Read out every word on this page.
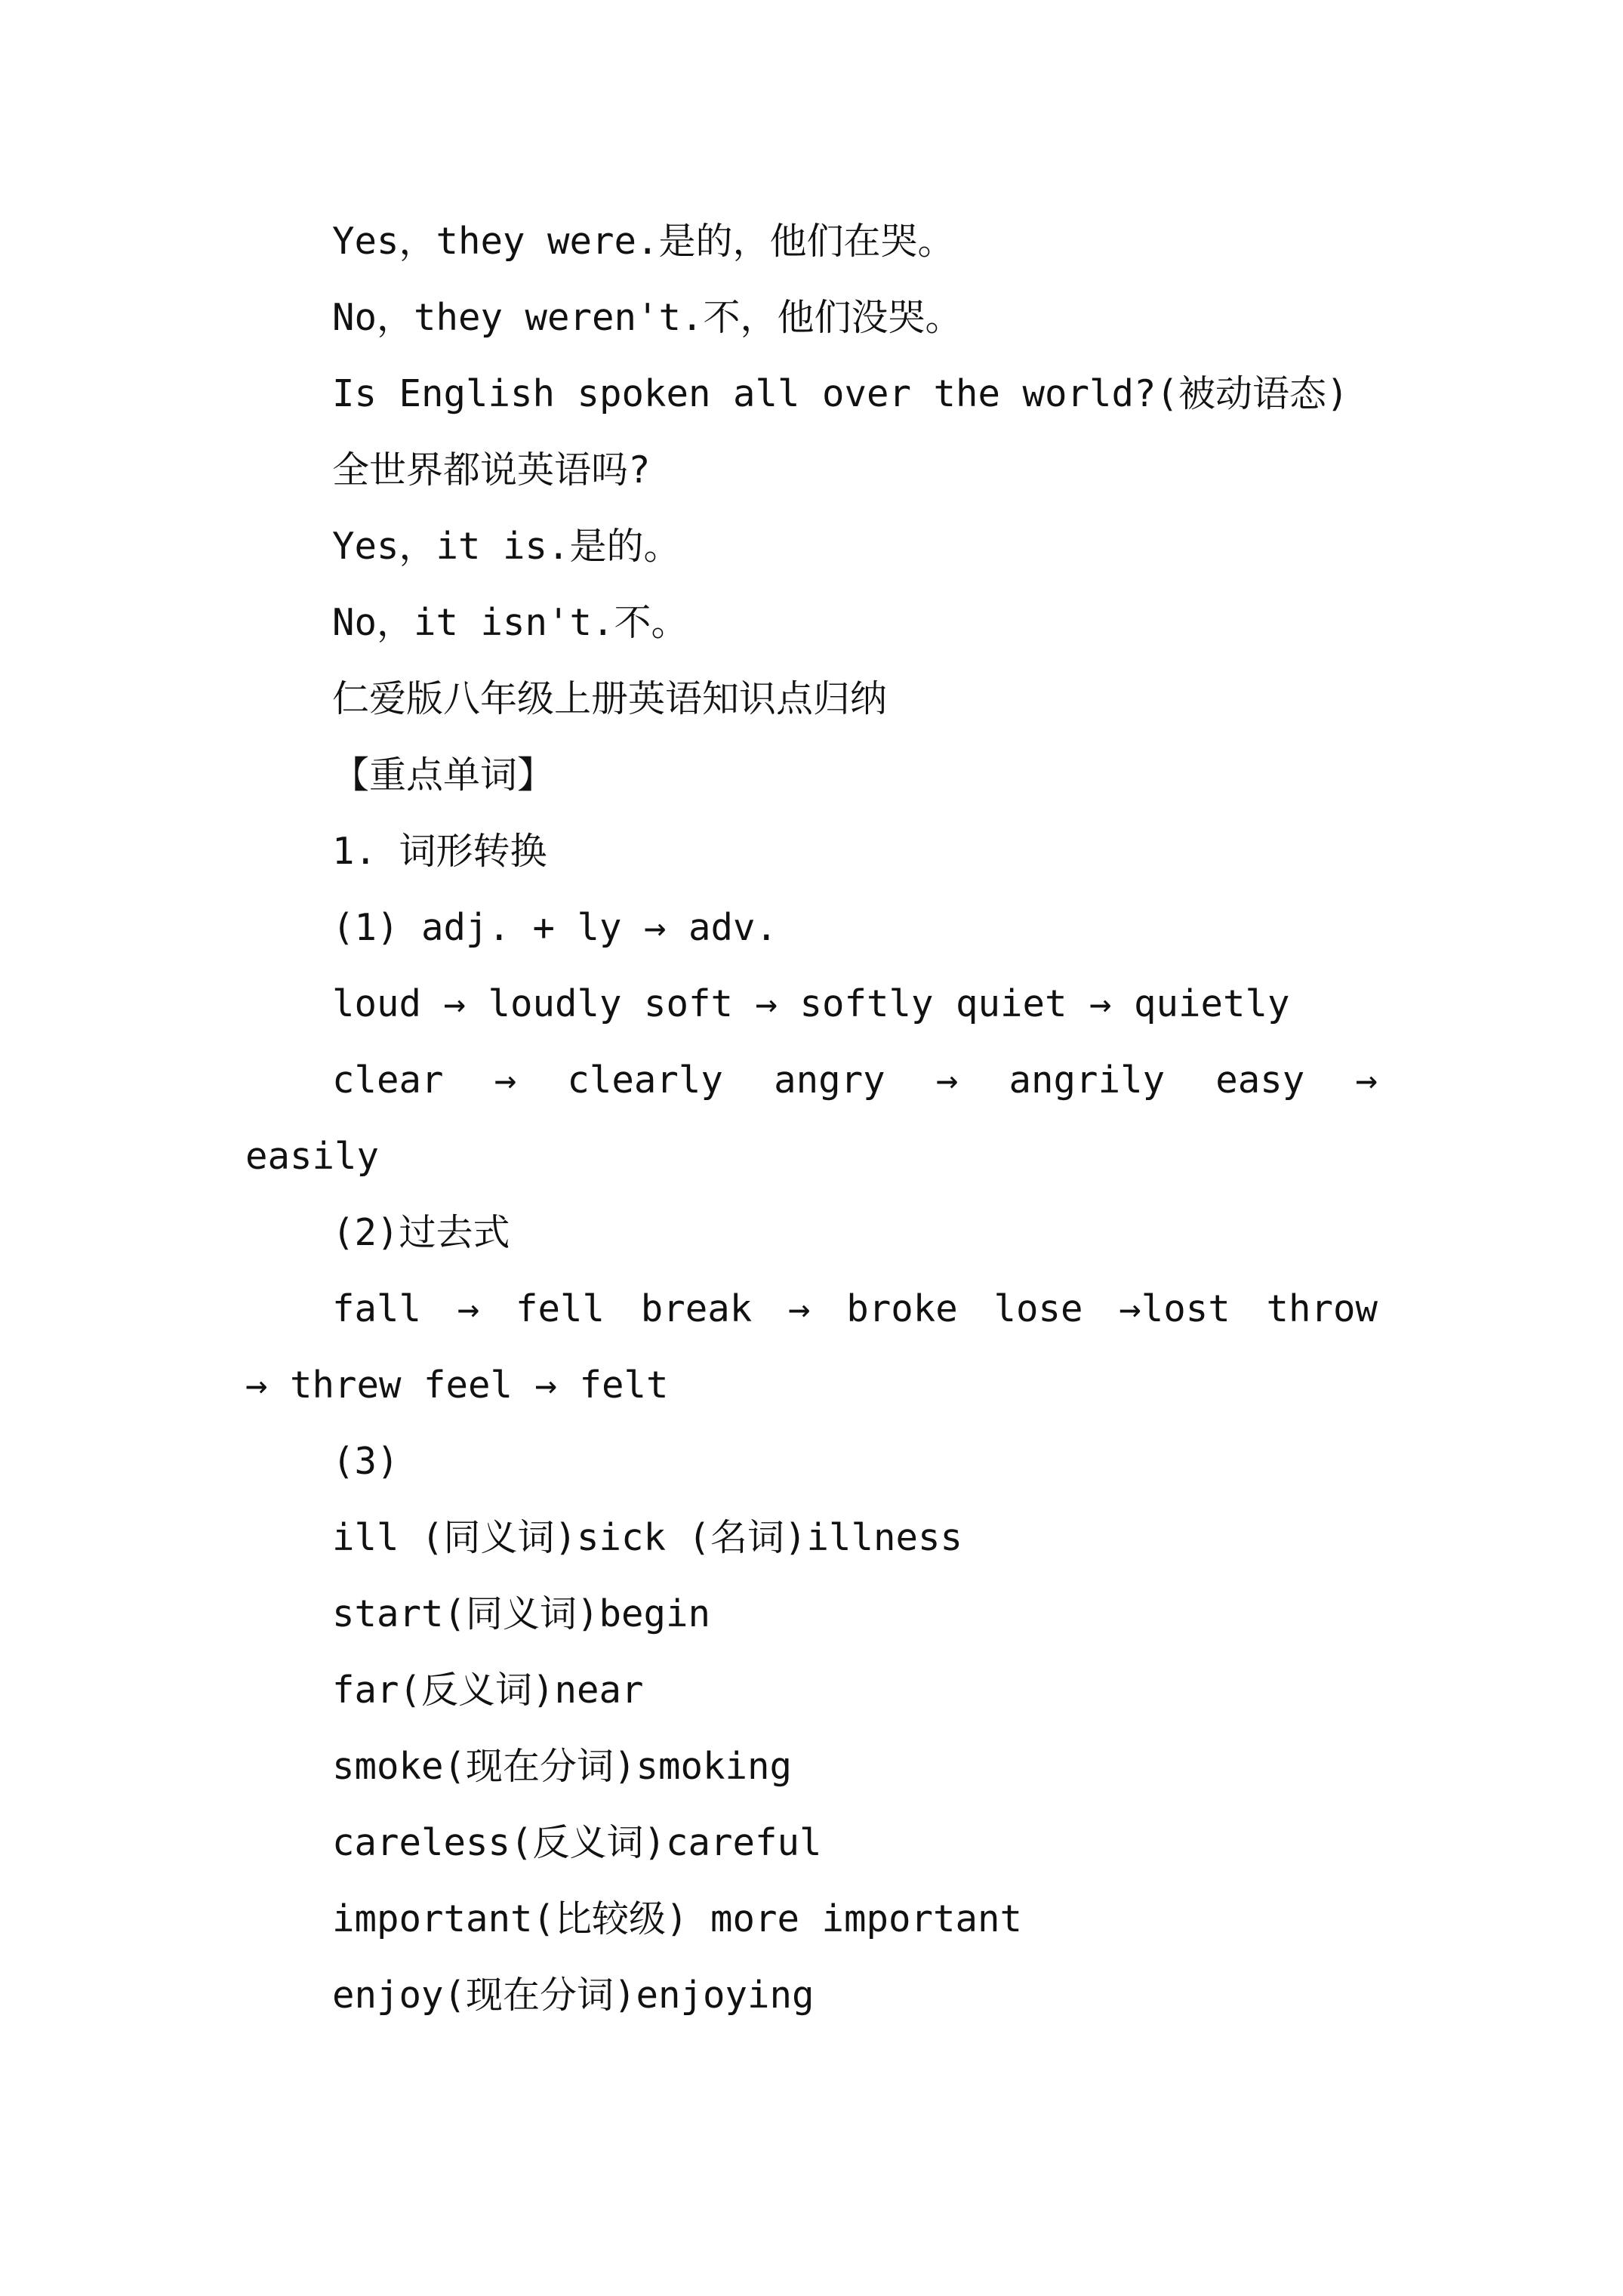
Yes，they were.是的，他们在哭。
No，they weren't.不，他们没哭。
Is English spoken all over the world?(被动语态)
全世界都说英语吗?
Yes，it is.是的。
No，it isn't.不。
仁爱版八年级上册英语知识点归纳
【重点单词】
1. 词形转换
(1) adj. + ly → adv.
loud → loudly soft → softly quiet → quietly
clear → clearly angry → angrily easy →
easily
(2)过去式
fall → fell break → broke lose →lost throw
→ threw feel → felt
(3)
ill (同义词)sick (名词)illness
start(同义词)begin
far(反义词)near
smoke(现在分词)smoking
careless(反义词)careful
important(比较级) more important
enjoy(现在分词)enjoying
